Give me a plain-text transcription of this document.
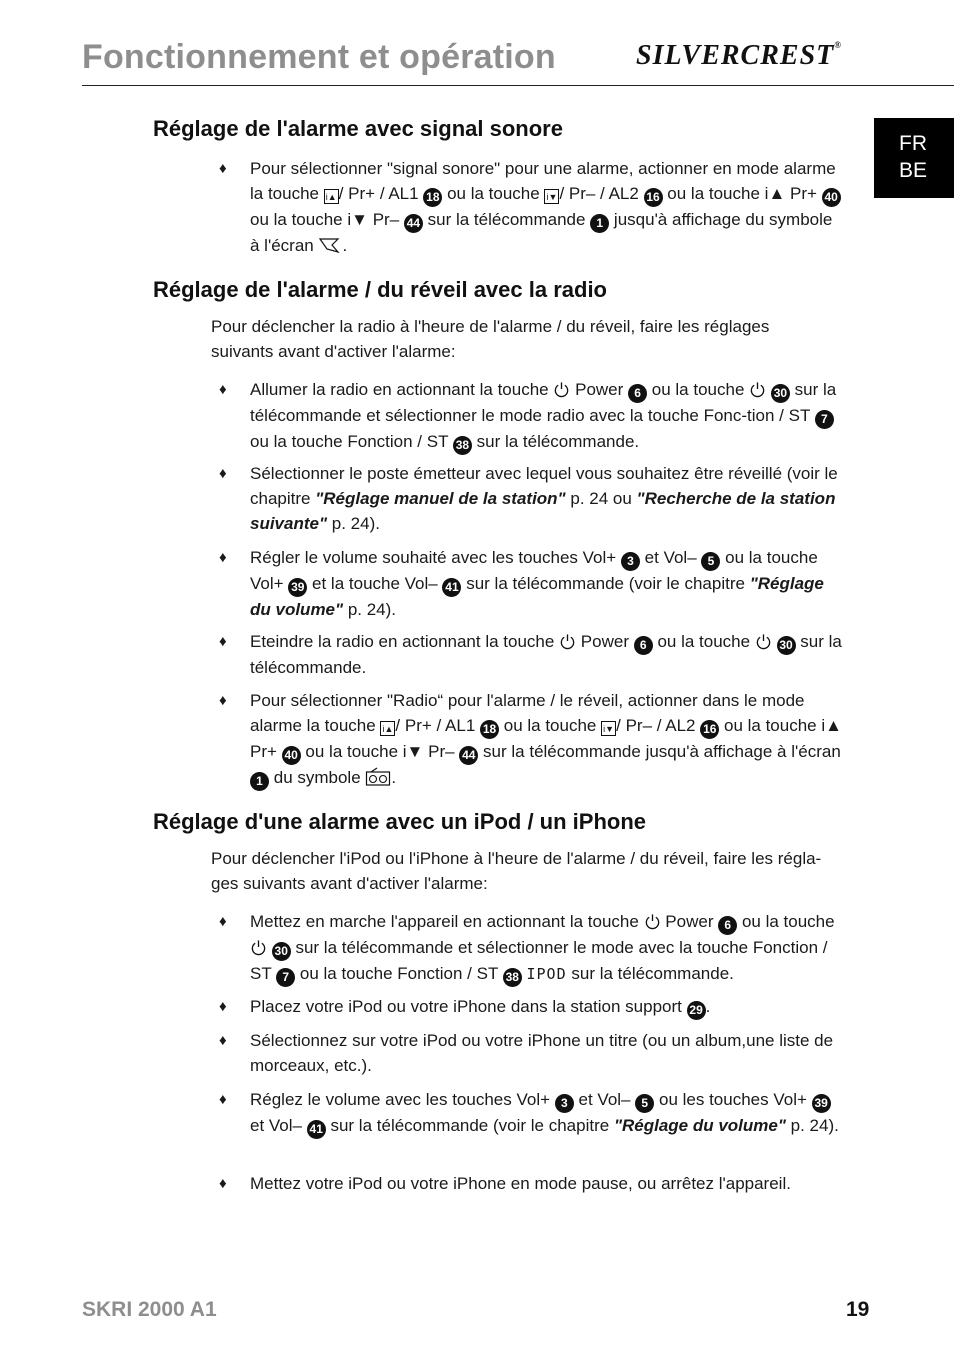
Fonctionnement et opération	SILVERCREST®
FR
BE
Réglage de l'alarme avec signal sonore
♦ Pour sélectionner "signal sonore" pour une alarme, actionner en mode alarme la touche i▲ / Pr+ / AL1 18 ou la touche i▼ / Pr– / AL2 16 ou la touche i▲ Pr+ 40 ou la touche i▼ Pr– 44 sur la télécommande 1 jusqu'à affichage du symbole à l'écran .
Réglage de l'alarme / du réveil avec la radio

Pour déclencher la radio à l'heure de l'alarme / du réveil, faire les réglages suivants avant d'activer l'alarme:

♦ Allumer la radio en actionnant la touche Power 6 ou la touche 30 sur la télécommande et sélectionner le mode radio avec la touche Fonc-tion / ST 7 ou la touche Fonction / ST 38 sur la télécommande.
♦ Sélectionner le poste émetteur avec lequel vous souhaitez être réveillé (voir le chapitre "Réglage manuel de la station" p. 24 ou "Recherche de la station suivante" p. 24).
♦ Régler le volume souhaité avec les touches Vol+ 3 et Vol– 5 ou la touche Vol+ 39 et la touche Vol– 41 sur la télécommande (voir le chapitre "Réglage du volume" p. 24).
♦ Eteindre la radio en actionnant la touche Power 6 ou la touche 30 sur la télécommande.
♦ Pour sélectionner "Radio“ pour l'alarme / le réveil, actionner dans le mode alarme la touche i▲ / Pr+ / AL1 18 ou la touche i▼ / Pr– / AL2 16 ou la touche i▲ Pr+ 40 ou la touche i▼ Pr– 44 sur la télécommande jusqu'à affichage à l'écran 1 du symbole .
Réglage d'une alarme avec un iPod / un iPhone

Pour déclencher l'iPod ou l'iPhone à l'heure de l'alarme / du réveil, faire les régla-ges suivants avant d'activer l'alarme:

♦ Mettez en marche l'appareil en actionnant la touche Power 6 ou la touche  30 sur la télécommande et sélectionner le mode avec la touche Fonction / ST 7 ou la touche Fonction / ST 38 IPOD sur la télécommande.
♦ Placez votre iPod ou votre iPhone dans la station support 29 .
♦ Sélectionnez sur votre iPod ou votre iPhone un titre (ou un album,une liste de morceaux, etc.).
♦ Réglez le volume avec les touches Vol+ 3 et Vol– 5 ou les touches Vol+ 39 et Vol– 41 sur la télécommande (voir le chapitre "Réglage du volume" p. 24).
♦ Mettez votre iPod ou votre iPhone en mode pause, ou arrêtez l'appareil.
SKRI 2000 A1	19
